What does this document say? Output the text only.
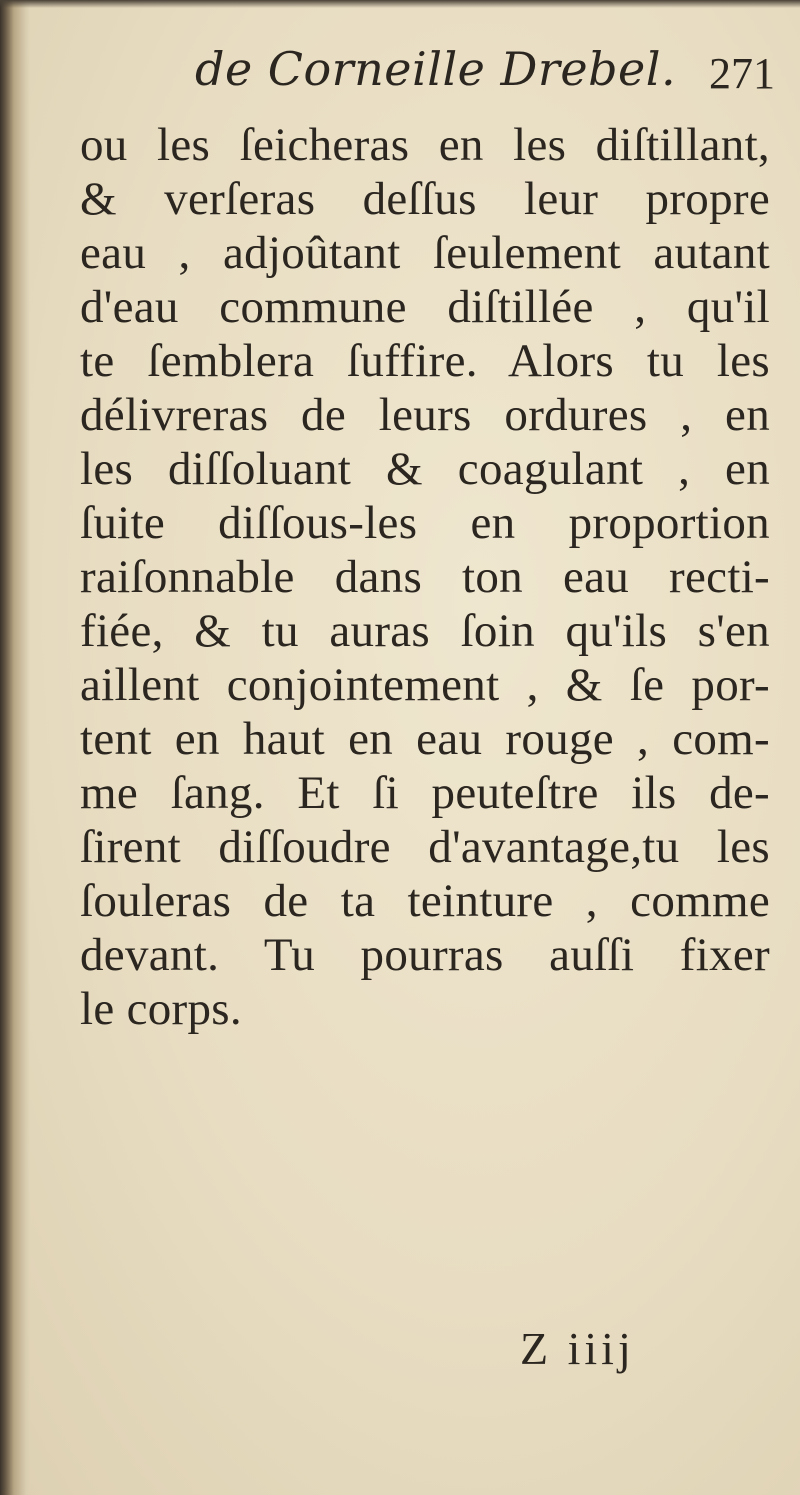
de Corneille Drebel. 271
ou les ſeicheras en les diſtillant,
& verſeras deſſus leur propre
eau , adjoûtant ſeulement autant
d'eau commune diſtillée , qu'il
te ſemblera ſuffire. Alors tu les
délivreras de leurs ordures , en
les diſſoluant & coagulant , en
ſuite diſſous-les en proportion
raiſonnable dans ton eau recti-
fiée, & tu auras ſoin qu'ils s'en
aillent conjointement , & ſe por-
tent en haut en eau rouge , com-
me ſang. Et ſi peuteſtre ils de-
ſirent diſſoudre d'avantage,tu les
ſouleras de ta teinture , comme
devant. Tu pourras auſſi fixer
le corps.
Z iiij
